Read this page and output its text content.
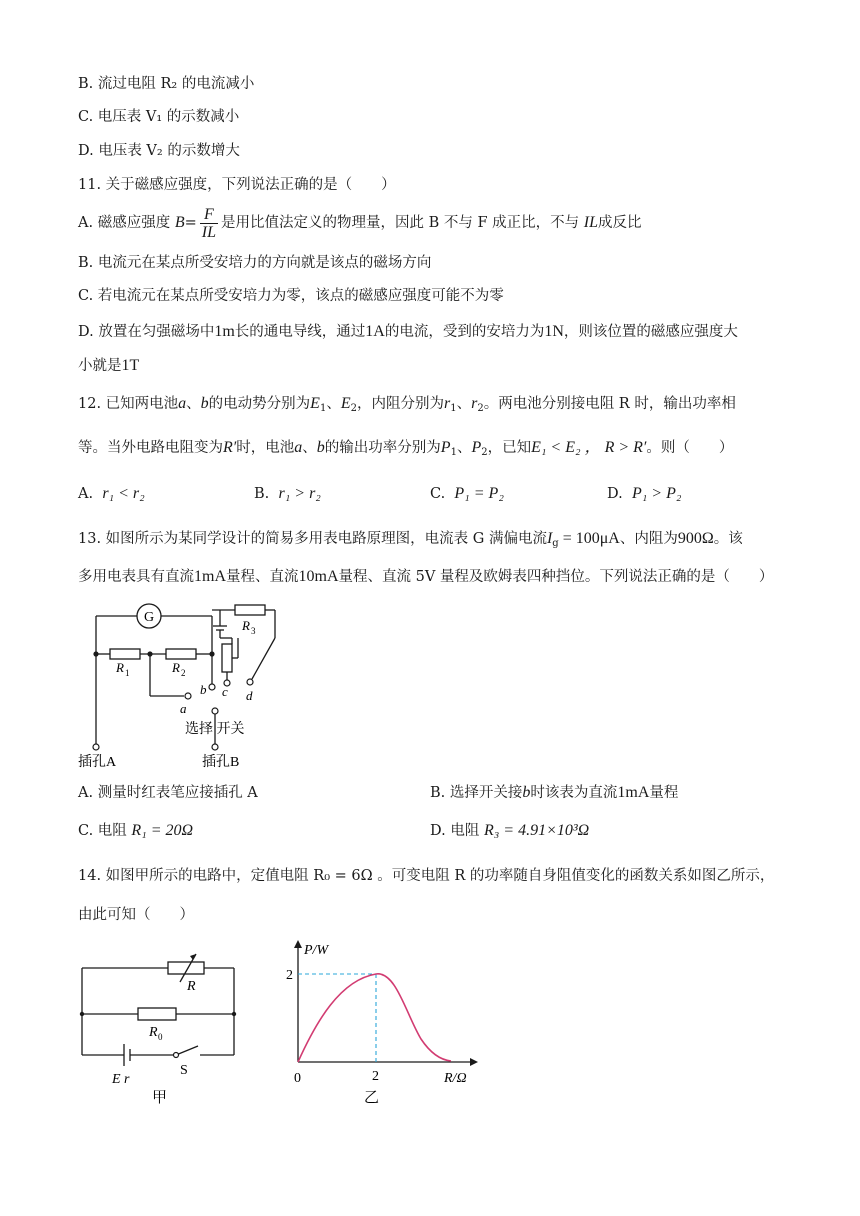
B. 流过电阻 R₂ 的电流减小
C. 电压表 V₁ 的示数减小
D. 电压表 V₂ 的示数增大
11. 关于磁感应强度，下列说法正确的是（　　）
A. 磁感应强度 $B= \frac{F}{IL}$ 是用比值法定义的物理量，因此 B 不与 F 成正比，不与 IL成反比
B. 电流元在某点所受安培力的方向就是该点的磁场方向
C. 若电流元在某点所受安培力为零，该点的磁感应强度可能不为零
D. 放置在匀强磁场中1m长的通电导线，通过1A的电流，受到的安培力为1N，则该位置的磁感应强度大
小就是1T
12. 已知两电池a、b的电动势分别为$E_1$、$E_2$，内阻分别为$r_1$、$r_2$。两电池分别接电阻 R 时，输出功率相
等。当外电路电阻变为R′时，电池a、b的输出功率分别为$P_1$、$P_2$，已知E₁ < E₂ ， R > R′。则（　　）
A. r₁ < r₂	B. r₁ > r₂	C. P₁ = P₂	D. P₁ > P₂
13. 如图所示为某同学设计的简易多用表电路原理图，电流表 G 满偏电流$I_g = 100\mu A$、内阻为900Ω。该
多用电表具有直流1mA量程、直流10mA量程、直流 5V 量程及欧姆表四种挡位。下列说法正确的是（　　）
G
R 1	R 2
R 3
a
b c d
选择 开关
插孔A	插孔B
A. 测量时红表笔应接插孔 A	B. 选择开关接b时该表为直流1mA量程
C. 电阻 R₁ = 20Ω	D. 电阻 R₃ = 4.91×10³Ω
14. 如图甲所示的电路中，定值电阻 R₀ = 6Ω 。可变电阻 R 的功率随自身阻值变化的函数关系如图乙所示，
由此可知（　　）
R
R 0
E r
S
甲
P/W
R/Ω
0
2
2
乙
